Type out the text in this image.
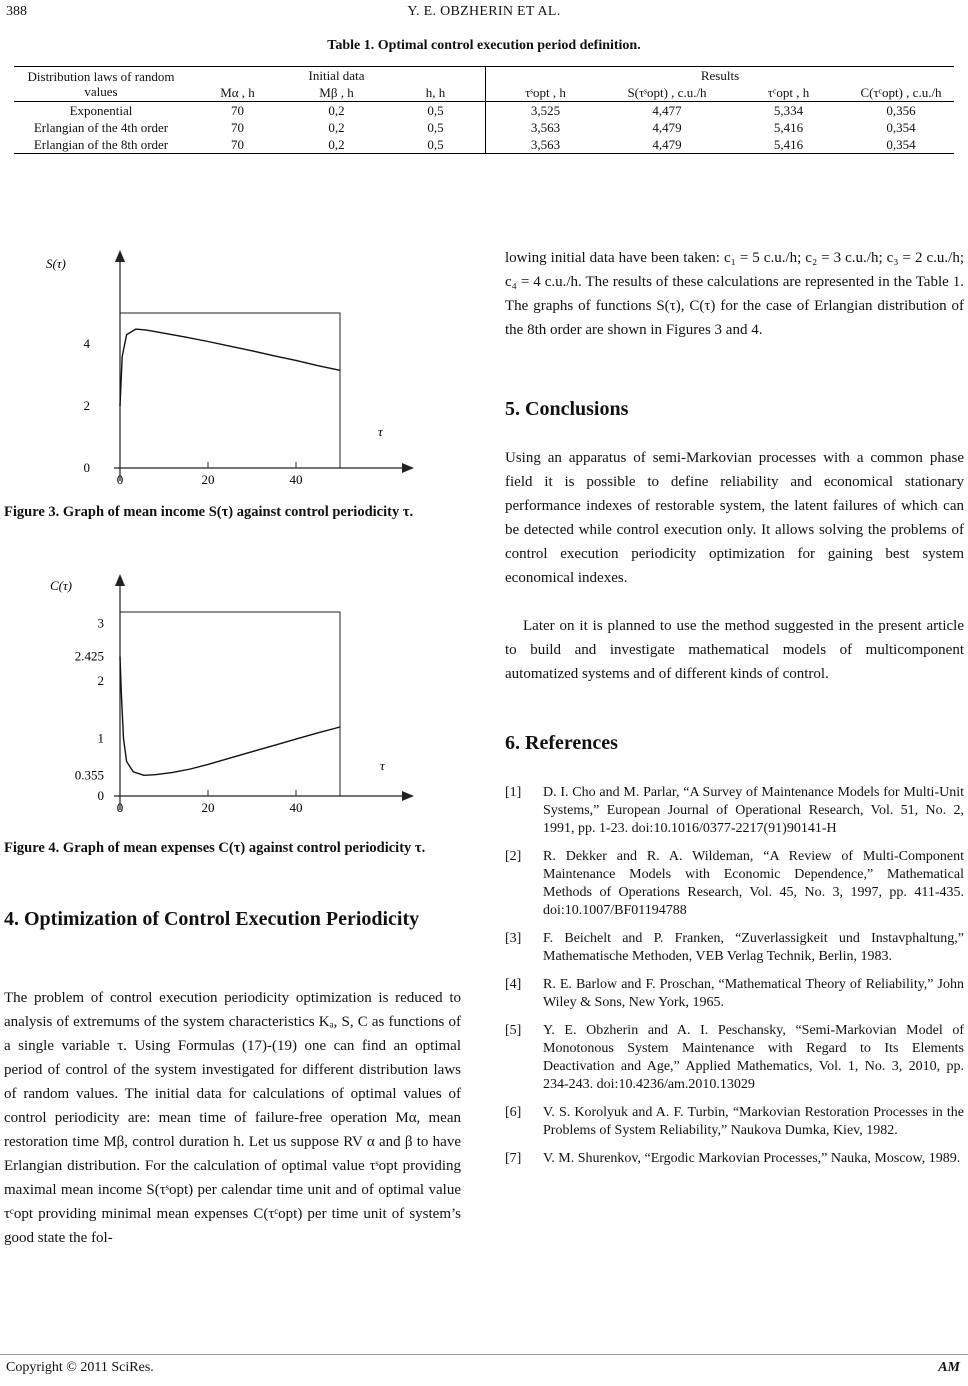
388	Y. E. OBZHERIN ET AL.
Table 1. Optimal control execution period definition.
Distribution laws of random values	Initial data			Results			
	Mα , h	Mβ , h	h, h	τˢopt , h	S(τˢopt) , c.u./h	τᶜopt , h	C(τᶜopt) , c.u./h
Exponential	70	0,2	0,5	3,525	4,477	5,334	0,356
Erlangian of the 4th order	70	0,2	0,5	3,563	4,479	5,416	0,354
Erlangian of the 8th order	70	0,2	0,5	3,563	4,479	5,416	0,354
S(τ)
τ
0	20	40
0
2
4
Figure 3. Graph of mean income S(τ) against control periodicity τ.
C(τ)
τ
0	20	40
0
0.355
1
2
2.425
3
Figure 4. Graph of mean expenses C(τ) against control periodicity τ.
4. Optimization of Control Execution Periodicity
The problem of control execution periodicity optimization is reduced to analysis of extremums of the system characteristics Kₐ, S, C as functions of a single variable τ. Using Formulas (17)-(19) one can find an optimal period of control of the system investigated for different distribution laws of random values. The initial data for calculations of optimal values of control periodicity are: mean time of failure-free operation Mα, mean restoration time Mβ, control duration h. Let us suppose RV α and β to have Erlangian distribution. For the calculation of optimal value τˢopt providing maximal mean income S(τˢopt) per calendar time unit and of optimal value τᶜopt providing minimal mean expenses C(τᶜopt) per time unit of system’s good state the fol-
lowing initial data have been taken: c₁ = 5 c.u./h; c₂ = 3 c.u./h; c₃ = 2 c.u./h; c₄ = 4 c.u./h. The results of these calculations are represented in the Table 1. The graphs of functions S(τ), C(τ) for the case of Erlangian distribution of the 8th order are shown in Figures 3 and 4.
5. Conclusions
Using an apparatus of semi-Markovian processes with a common phase field it is possible to define reliability and economical stationary performance indexes of restorable system, the latent failures of which can be detected while control execution only. It allows solving the problems of control execution periodicity optimization for gaining best system economical indexes.
Later on it is planned to use the method suggested in the present article to build and investigate mathematical models of multicomponent automatized systems and of different kinds of control.
6. References
[1] D. I. Cho and M. Parlar, “A Survey of Maintenance Models for Multi-Unit Systems,” European Journal of Operational Research, Vol. 51, No. 2, 1991, pp. 1-23. doi:10.1016/0377-2217(91)90141-H
[2] R. Dekker and R. A. Wildeman, “A Review of Multi-Component Maintenance Models with Economic Dependence,” Mathematical Methods of Operations Research, Vol. 45, No. 3, 1997, pp. 411-435. doi:10.1007/BF01194788
[3] F. Beichelt and P. Franken, “Zuverlassigkeit und Instavphaltung,” Mathematische Methoden, VEB Verlag Technik, Berlin, 1983.
[4] R. E. Barlow and F. Proschan, “Mathematical Theory of Reliability,” John Wiley & Sons, New York, 1965.
[5] Y. E. Obzherin and A. I. Peschansky, “Semi-Markovian Model of Monotonous System Maintenance with Regard to Its Elements Deactivation and Age,” Applied Mathematics, Vol. 1, No. 3, 2010, pp. 234-243. doi:10.4236/am.2010.13029
[6] V. S. Korolyuk and A. F. Turbin, “Markovian Restoration Processes in the Problems of System Reliability,” Naukova Dumka, Kiev, 1982.
[7] V. M. Shurenkov, “Ergodic Markovian Processes,” Nauka, Moscow, 1989.
Copyright © 2011 SciRes.	AM
